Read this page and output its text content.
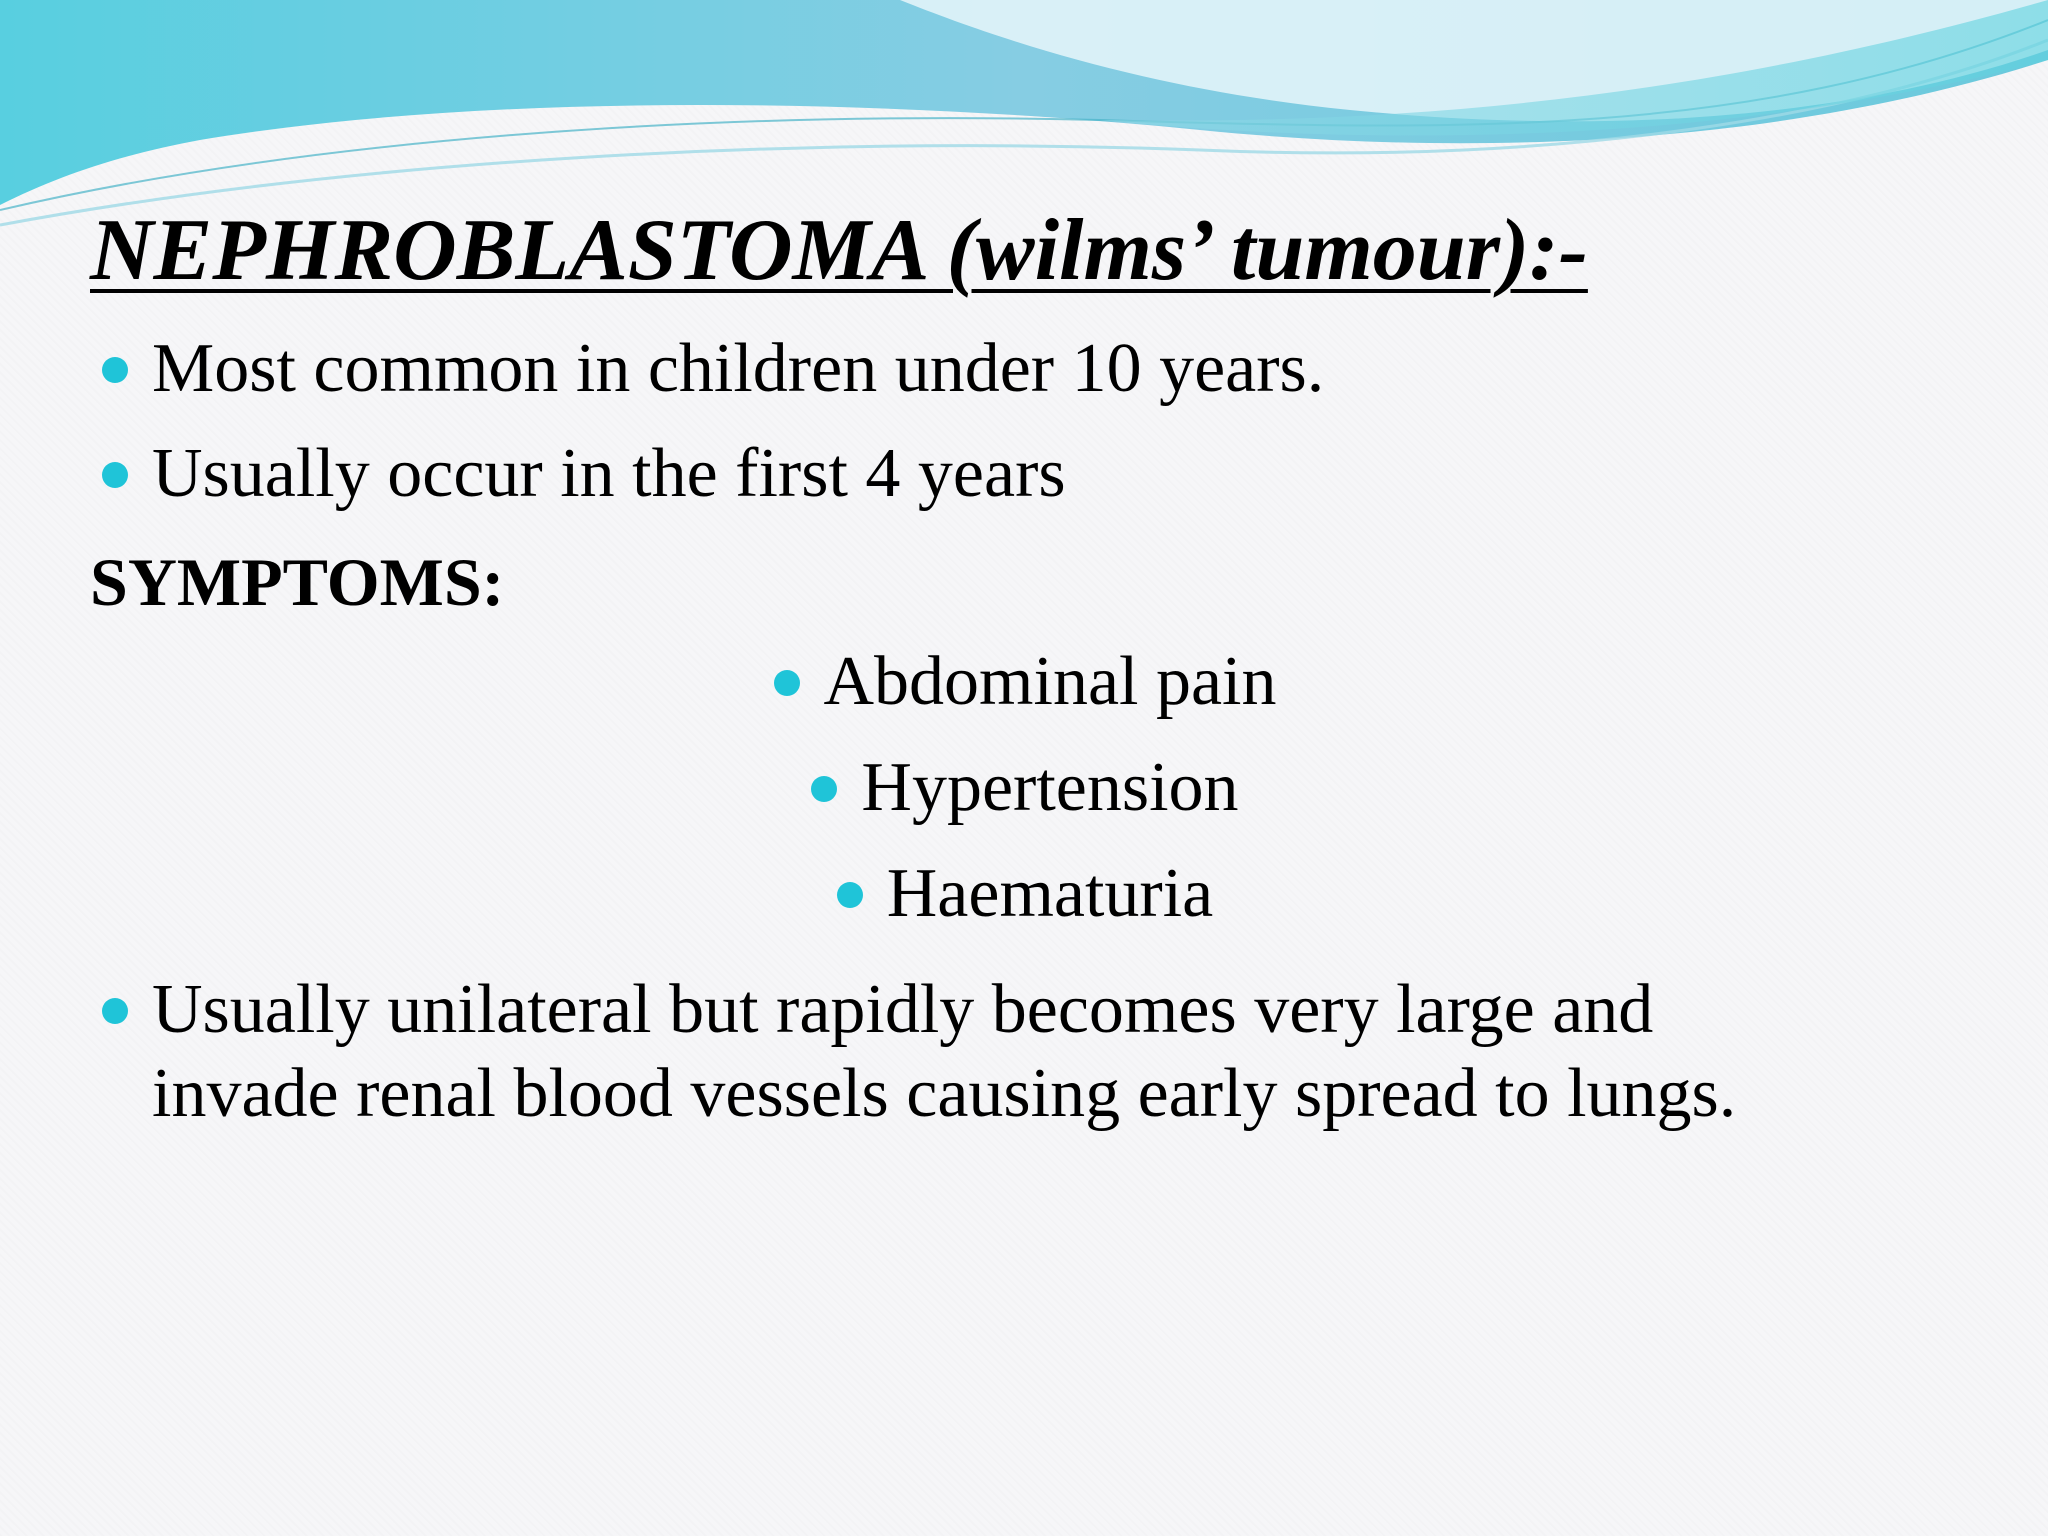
NEPHROBLASTOMA (wilms’ tumour):-
Most common in children under 10 years.
Usually occur in the first 4 years
SYMPTOMS:
Abdominal pain
Hypertension
Haematuria
Usually unilateral but rapidly becomes very large and
invade renal blood vessels causing early spread to lungs.
